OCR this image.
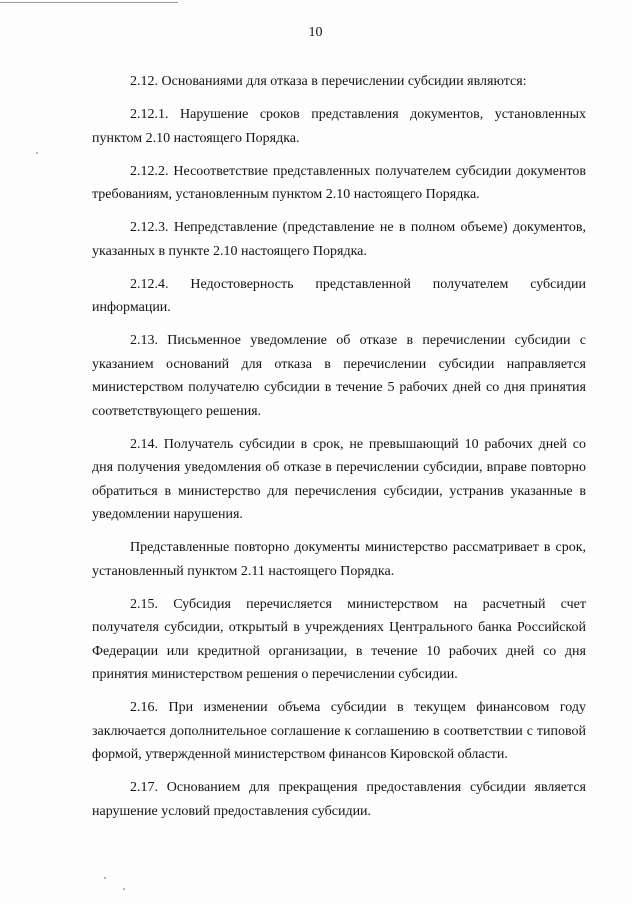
10

2.12. Основаниями для отказа в перечислении субсидии являются:

2.12.1. Нарушение сроков представления документов, установленных пунктом 2.10 настоящего Порядка.

2.12.2. Несоответствие представленных получателем субсидии документов требованиям, установленным пунктом 2.10 настоящего Порядка.

2.12.3. Непредставление (представление не в полном объеме) документов, указанных в пункте 2.10 настоящего Порядка.

2.12.4. Недостоверность представленной получателем субсидии информации.

2.13. Письменное уведомление об отказе в перечислении субсидии с указанием оснований для отказа в перечислении субсидии направляется министерством получателю субсидии в течение 5 рабочих дней со дня принятия соответствующего решения.

2.14. Получатель субсидии в срок, не превышающий 10 рабочих дней со дня получения уведомления об отказе в перечислении субсидии, вправе повторно обратиться в министерство для перечисления субсидии, устранив указанные в уведомлении нарушения.

Представленные повторно документы министерство рассматривает в срок, установленный пунктом 2.11 настоящего Порядка.

2.15. Субсидия перечисляется министерством на расчетный счет получателя субсидии, открытый в учреждениях Центрального банка Российской Федерации или кредитной организации, в течение 10 рабочих дней со дня принятия министерством решения о перечислении субсидии.

2.16. При изменении объема субсидии в текущем финансовом году заключается дополнительное соглашение к соглашению в соответствии с типовой формой, утвержденной министерством финансов Кировской области.

2.17. Основанием для прекращения предоставления субсидии является нарушение условий предоставления субсидии.
